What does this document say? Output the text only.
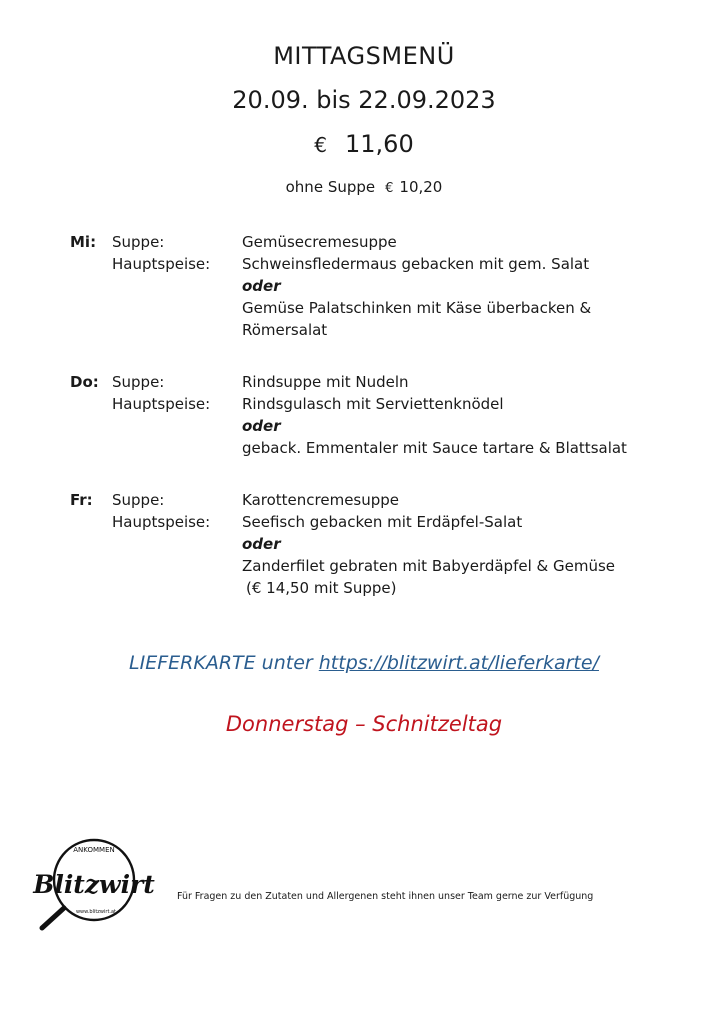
MITTAGSMENÜ
20.09. bis 22.09.2023
€ 11,60
ohne Suppe € 10,20
Mi: Suppe:	Gemüsecremesuppe
Hauptspeise: Schweinsfledermaus gebacken mit gem. Salat
oder
Gemüse Palatschinken mit Käse überbacken &
Römersalat
Do: Suppe:	Rindsuppe mit Nudeln
Hauptspeise: Rindsgulasch mit Serviettenknödel
oder
geback. Emmentaler mit Sauce tartare & Blattsalat
Fr: Suppe:	Karottencremesuppe
Hauptspeise: Seefisch gebacken mit Erdäpfel-Salat
oder
Zanderfilet gebraten mit Babyerdäpfel & Gemüse
(€ 14,50 mit Suppe)
LIEFERKARTE unter https://blitzwirt.at/lieferkarte/
Donnerstag – Schnitzeltag
ANKOMMEN
Blitzwirt
www.blitzwirt.at
Für Fragen zu den Zutaten und Allergenen steht ihnen unser Team gerne zur Verfügung
